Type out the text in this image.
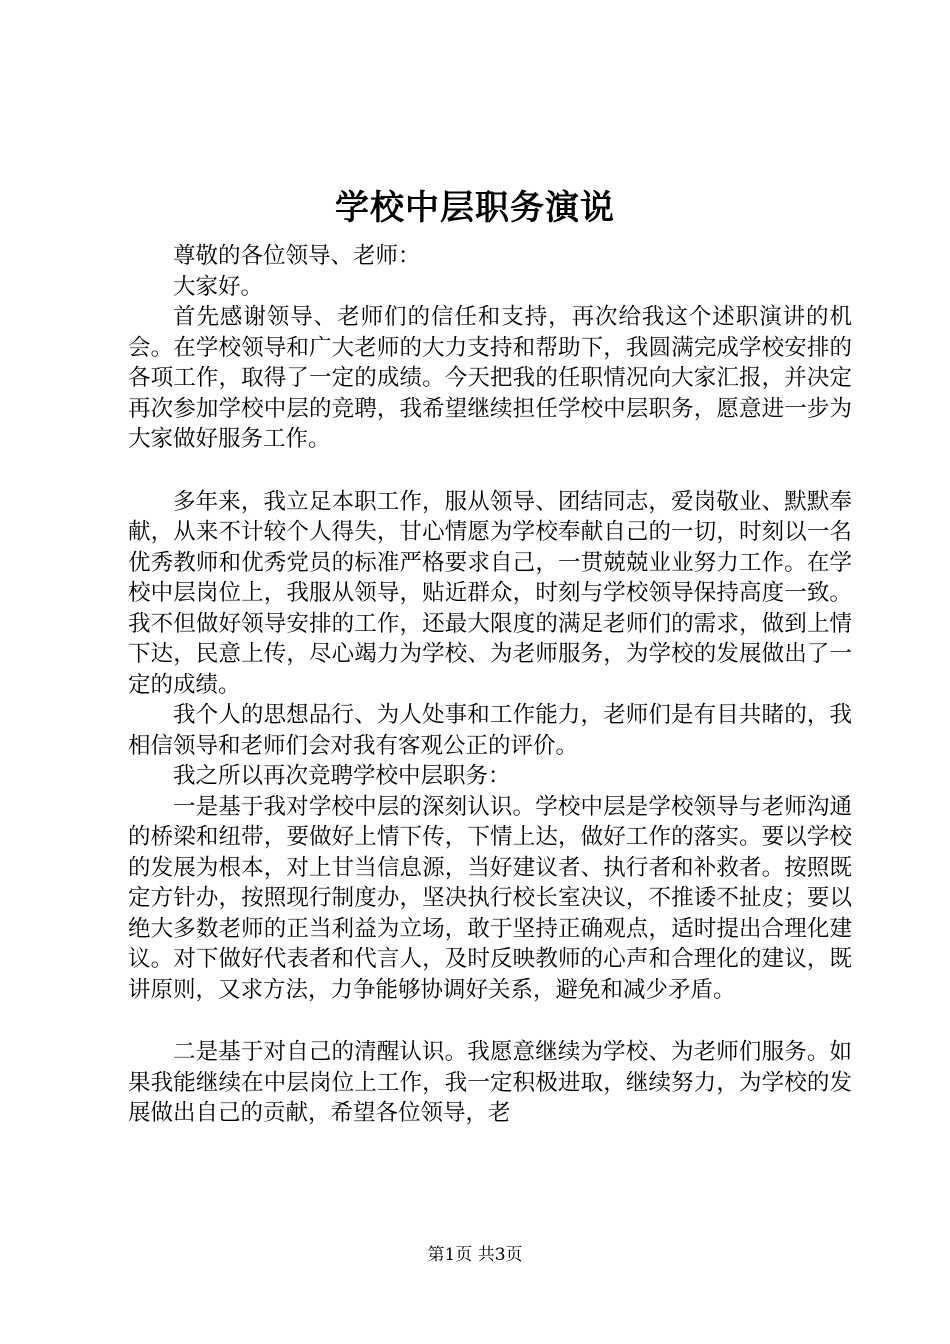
学校中层职务演说

尊敬的各位领导、老师：

大家好。

首先感谢领导、老师们的信任和支持，再次给我这个述职演讲的机会。在学校领导和广大老师的大力支持和帮助下，我圆满完成学校安排的各项工作，取得了一定的成绩。今天把我的任职情况向大家汇报，并决定再次参加学校中层的竞聘，我希望继续担任学校中层职务，愿意进一步为大家做好服务工作。

多年来，我立足本职工作，服从领导、团结同志，爱岗敬业、默默奉献，从来不计较个人得失，甘心情愿为学校奉献自己的一切，时刻以一名优秀教师和优秀党员的标准严格要求自己，一贯兢兢业业努力工作。在学校中层岗位上，我服从领导，贴近群众，时刻与学校领导保持高度一致。我不但做好领导安排的工作，还最大限度的满足老师们的需求，做到上情下达，民意上传，尽心竭力为学校、为老师服务，为学校的发展做出了一定的成绩。

我个人的思想品行、为人处事和工作能力，老师们是有目共睹的，我相信领导和老师们会对我有客观公正的评价。

我之所以再次竞聘学校中层职务：

一是基于我对学校中层的深刻认识。学校中层是学校领导与老师沟通的桥梁和纽带，要做好上情下传，下情上达，做好工作的落实。要以学校的发展为根本，对上甘当信息源，当好建议者、执行者和补救者。按照既定方针办，按照现行制度办，坚决执行校长室决议，不推诿不扯皮；要以绝大多数老师的正当利益为立场，敢于坚持正确观点，适时提出合理化建议。对下做好代表者和代言人，及时反映教师的心声和合理化的建议，既讲原则，又求方法，力争能够协调好关系，避免和减少矛盾。

二是基于对自己的清醒认识。我愿意继续为学校、为老师们服务。如果我能继续在中层岗位上工作，我一定积极进取，继续努力，为学校的发展做出自己的贡献，希望各位领导，老

第1页 共3页
